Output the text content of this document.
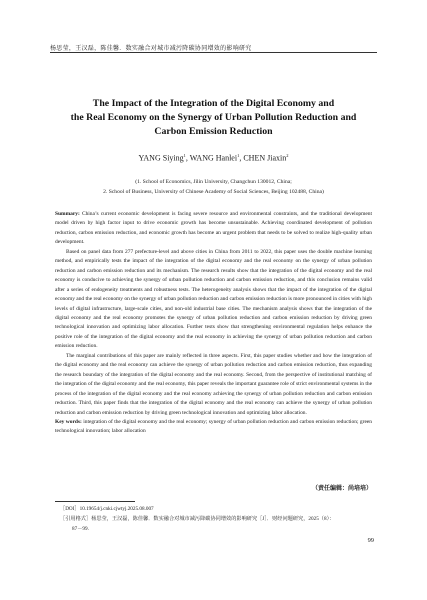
杨思莹，王汉磊，陈佳馨．数实融合对城市减污降碳协同增效的影响研究
The Impact of the Integration of the Digital Economy and
the Real Economy on the Synergy of Urban Pollution Reduction and
Carbon Emission Reduction
YANG Siying$^1$, WANG Hanlei$^1$, CHEN Jiaxin$^2$
(1. School of Economics, Jilin University, Changchun 130012, China;
2. School of Business, University of Chinese Academy of Social Sciences, Beijing 102488, China)

Summary: China’s current economic development is facing severe resource and environmental constraints, and the traditional development model driven by high factor input to drive economic growth has become unsustainable. Achieving coordinated development of pollution reduction, carbon emission reduction, and economic growth has become an urgent problem that needs to be solved to realize high-quality urban development.

Based on panel data from 277 prefecture-level and above cities in China from 2011 to 2022, this paper uses the double machine learning method, and empirically tests the impact of the integration of the digital economy and the real economy on the synergy of urban pollution reduction and carbon emission reduction and its mechanism. The research results show that the integration of the digital economy and the real economy is conducive to achieving the synergy of urban pollution reduction and carbon emission reduction, and this conclusion remains valid after a series of endogeneity treatments and robustness tests. The heterogeneity analysis shows that the impact of the integration of the digital economy and the real economy on the synergy of urban pollution reduction and carbon emission reduction is more pronounced in cities with high levels of digital infrastructure, large-scale cities, and non-old industrial base cities. The mechanism analysis shows that the integration of the digital economy and the real economy promotes the synergy of urban pollution reduction and carbon emission reduction by driving green technological innovation and optimizing labor allocation. Further tests show that strengthening environmental regulation helps enhance the positive role of the integration of the digital economy and the real economy in achieving the synergy of urban pollution reduction and carbon emission reduction.

The marginal contributions of this paper are mainly reflected in three aspects. First, this paper studies whether and how the integration of the digital economy and the real economy can achieve the synergy of urban pollution reduction and carbon emission reduction, thus expanding the research boundary of the integration of the digital economy and the real economy. Second, from the perspective of institutional matching of the integration of the digital economy and the real economy, this paper reveals the important guarantee role of strict environmental systems in the process of the integration of the digital economy and the real economy achieving the synergy of urban pollution reduction and carbon emission reduction. Third, this paper finds that the integration of the digital economy and the real economy can achieve the synergy of urban pollution reduction and carbon emission reduction by driving green technological innovation and optimizing labor allocation.

Key words: integration of the digital economy and the real economy; synergy of urban pollution reduction and carbon emission reduction; green technological innovation; labor allocation

（责任编辑：尚培培）
［DOI］10.19654/j.cnki.cjwtyj.2025.08.007
［引用格式］杨思莹，王汉磊，陈佳馨．数实融合对城市减污降碳协同增效的影响研究［J］．财经问题研究，2025（8）：
87－99.
99
